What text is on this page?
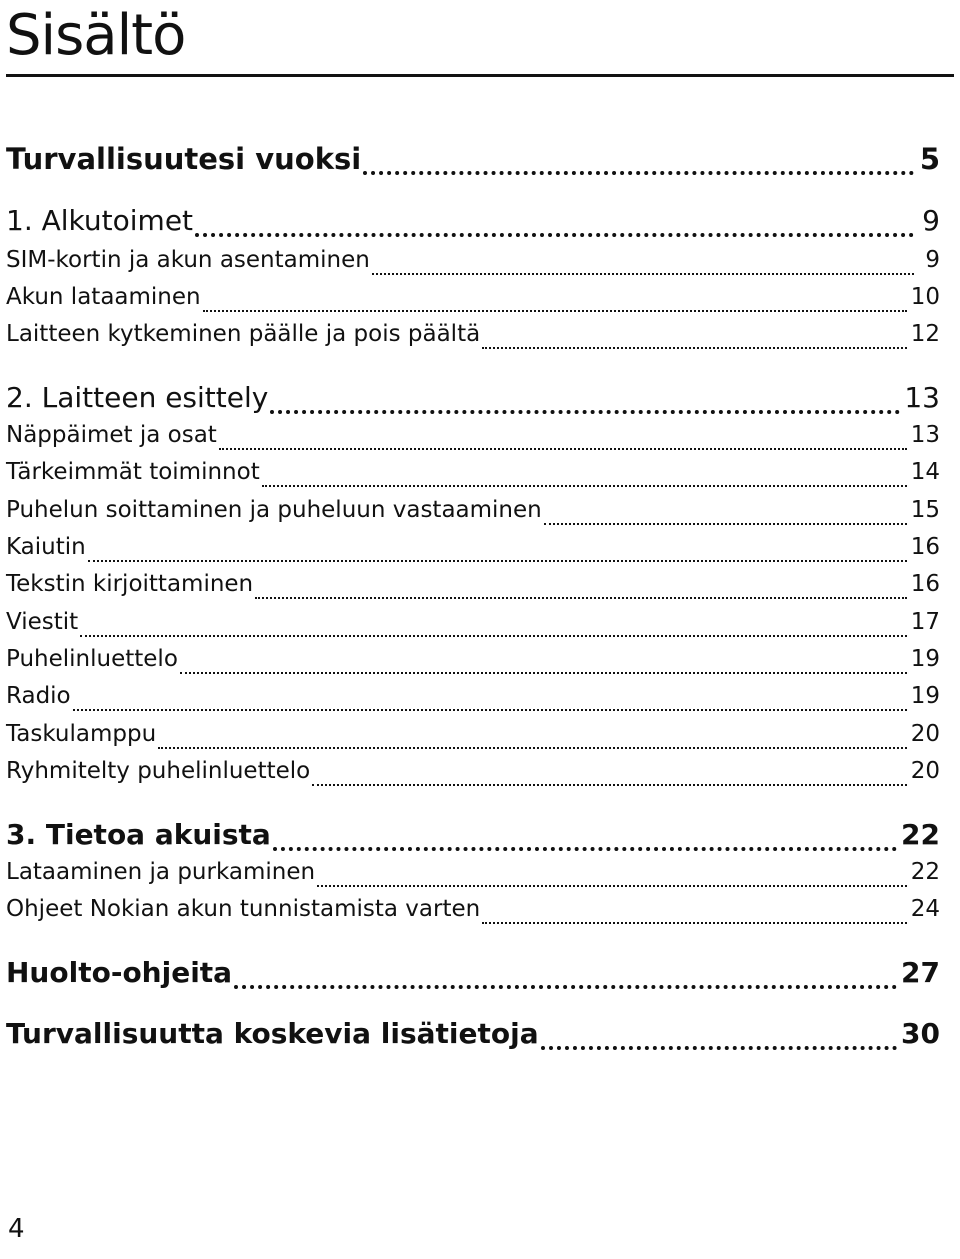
Sisältö
Turvallisuutesi vuoksi	5
1. Alkutoimet	9
SIM-kortin ja akun asentaminen	9
Akun lataaminen	10
Laitteen kytkeminen päälle ja pois päältä	12
2. Laitteen esittely	13
Näppäimet ja osat	13
Tärkeimmät toiminnot	14
Puhelun soittaminen ja puheluun vastaaminen	15
Kaiutin	16
Tekstin kirjoittaminen	16
Viestit	17
Puhelinluettelo	19
Radio	19
Taskulamppu	20
Ryhmitelty puhelinluettelo	20
3. Tietoa akuista	22
Lataaminen ja purkaminen	22
Ohjeet Nokian akun tunnistamista varten	24
Huolto-ohjeita	27
Turvallisuutta koskevia lisätietoja	30
4
